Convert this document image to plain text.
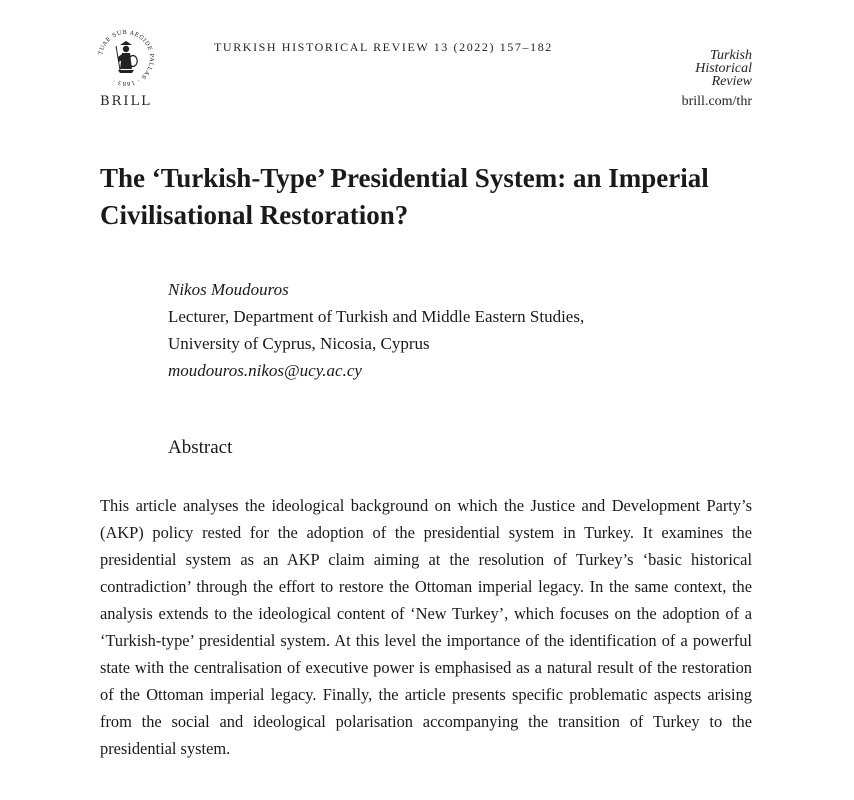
TUAE SUB AEGIDE PALLAS · 1683 ·
BRILL
TURKISH HISTORICAL REVIEW 13 (2022) 157–182
Turkish
Historical
Review
brill.com/thr
The ‘Turkish-Type’ Presidential System: an Imperial Civilisational Restoration?
Nikos Moudouros
Lecturer, Department of Turkish and Middle Eastern Studies,
University of Cyprus, Nicosia, Cyprus
moudouros.nikos@ucy.ac.cy
Abstract

This article analyses the ideological background on which the Justice and Development Party’s (AKP) policy rested for the adoption of the presidential system in Turkey. It examines the presidential system as an AKP claim aiming at the resolution of Turkey’s ‘basic historical contradiction’ through the effort to restore the Ottoman imperial legacy. In the same context, the analysis extends to the ideological content of ‘New Turkey’, which focuses on the adoption of a ‘Turkish-type’ presidential system. At this level the importance of the identification of a powerful state with the centralisation of executive power is emphasised as a natural result of the restoration of the Ottoman imperial legacy. Finally, the article presents specific problematic aspects arising from the social and ideological polarisation accompanying the transition of Turkey to the presidential system.
